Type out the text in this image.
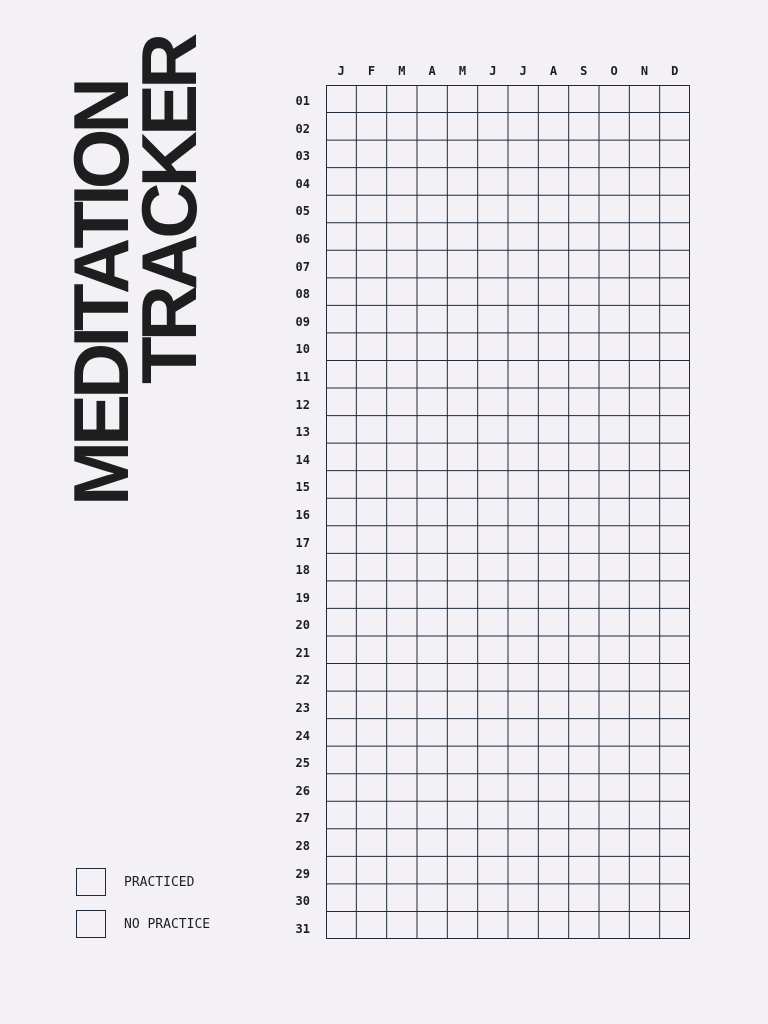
MEDITATION
TRACKER	J	F	M	A	M	J	J	A	S	O	N	D
01
02
03
04
05
06
07
08
09
10
11
12
13
14
15
16
17
18
19
20
21
22
23
24
25
26
27
28
29
30
31
PRACTICED
NO PRACTICE
